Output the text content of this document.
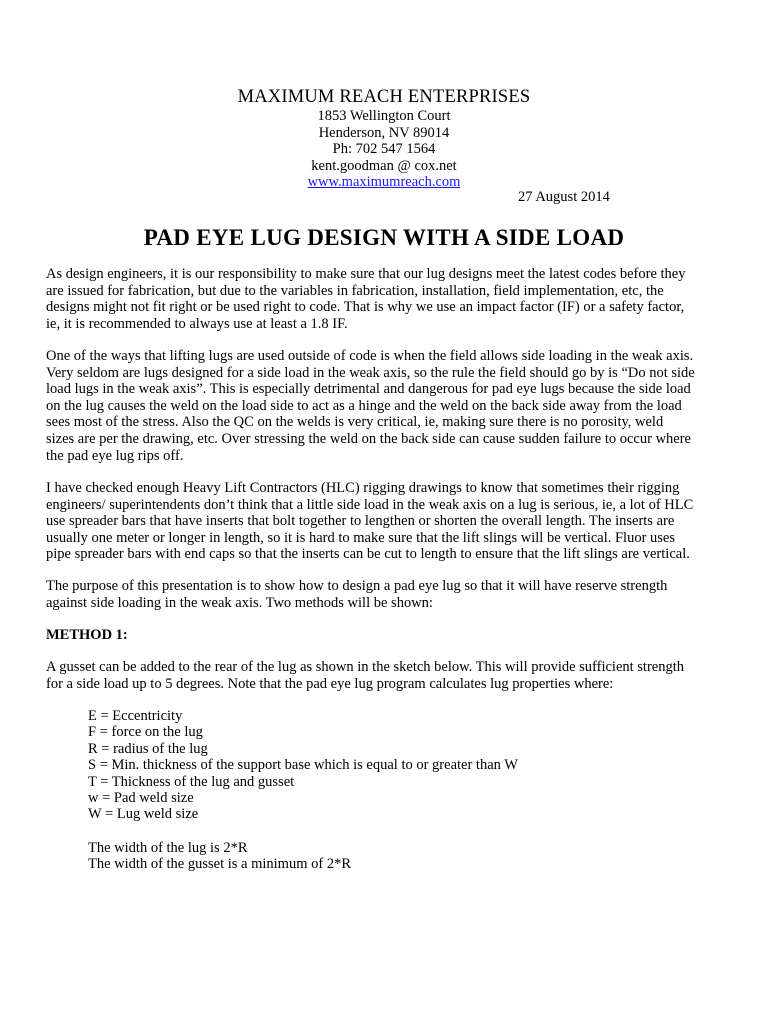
MAXIMUM REACH ENTERPRISES
1853 Wellington Court
Henderson, NV 89014
Ph: 702 547 1564
kent.goodman @ cox.net
www.maximumreach.com
27 August 2014
PAD EYE LUG DESIGN WITH A SIDE LOAD
As design engineers, it is our responsibility to make sure that our lug designs meet the latest codes before they
are issued for fabrication, but due to the variables in fabrication, installation, field implementation, etc, the
designs might not fit right or be used right to code. That is why we use an impact factor (IF) or a safety factor,
ie, it is recommended to always use at least a 1.8 IF.
One of the ways that lifting lugs are used outside of code is when the field allows side loading in the weak axis.
Very seldom are lugs designed for a side load in the weak axis, so the rule the field should go by is “Do not side
load lugs in the weak axis”. This is especially detrimental and dangerous for pad eye lugs because the side load
on the lug causes the weld on the load side to act as a hinge and the weld on the back side away from the load
sees most of the stress. Also the QC on the welds is very critical, ie, making sure there is no porosity, weld
sizes are per the drawing, etc. Over stressing the weld on the back side can cause sudden failure to occur where
the pad eye lug rips off.
I have checked enough Heavy Lift Contractors (HLC) rigging drawings to know that sometimes their rigging
engineers/ superintendents don’t think that a little side load in the weak axis on a lug is serious, ie, a lot of HLC
use spreader bars that have inserts that bolt together to lengthen or shorten the overall length. The inserts are
usually one meter or longer in length, so it is hard to make sure that the lift slings will be vertical. Fluor uses
pipe spreader bars with end caps so that the inserts can be cut to length to ensure that the lift slings are vertical.
The purpose of this presentation is to show how to design a pad eye lug so that it will have reserve strength
against side loading in the weak axis. Two methods will be shown:
METHOD 1:
A gusset can be added to the rear of the lug as shown in the sketch below. This will provide sufficient strength
for a side load up to 5 degrees. Note that the pad eye lug program calculates lug properties where:
E = Eccentricity
F = force on the lug
R = radius of the lug
S = Min. thickness of the support base which is equal to or greater than W
T = Thickness of the lug and gusset
w = Pad weld size
W = Lug weld size
The width of the lug is 2*R
The width of the gusset is a minimum of 2*R
